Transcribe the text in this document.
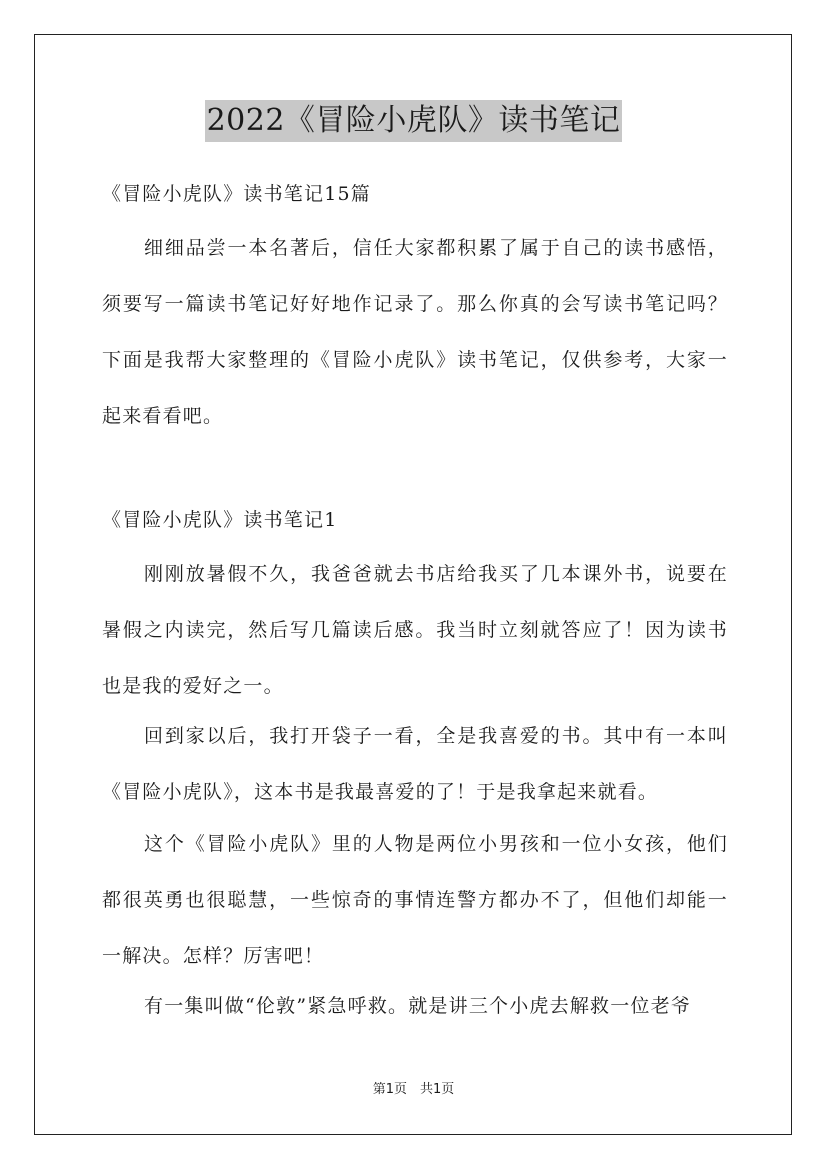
2022《冒险小虎队》读书笔记

《冒险小虎队》读书笔记15篇

细细品尝一本名著后，信任大家都积累了属于自己的读书感悟，须要写一篇读书笔记好好地作记录了。那么你真的会写读书笔记吗？下面是我帮大家整理的《冒险小虎队》读书笔记，仅供参考，大家一起来看看吧。

《冒险小虎队》读书笔记1

刚刚放暑假不久，我爸爸就去书店给我买了几本课外书，说要在暑假之内读完，然后写几篇读后感。我当时立刻就答应了！因为读书也是我的爱好之一。

回到家以后，我打开袋子一看，全是我喜爱的书。其中有一本叫《冒险小虎队》，这本书是我最喜爱的了！于是我拿起来就看。

这个《冒险小虎队》里的人物是两位小男孩和一位小女孩，他们都很英勇也很聪慧，一些惊奇的事情连警方都办不了，但他们却能一一解决。怎样？厉害吧！

有一集叫做“伦敦”紧急呼救。就是讲三个小虎去解救一位老爷

第1页　共1页
